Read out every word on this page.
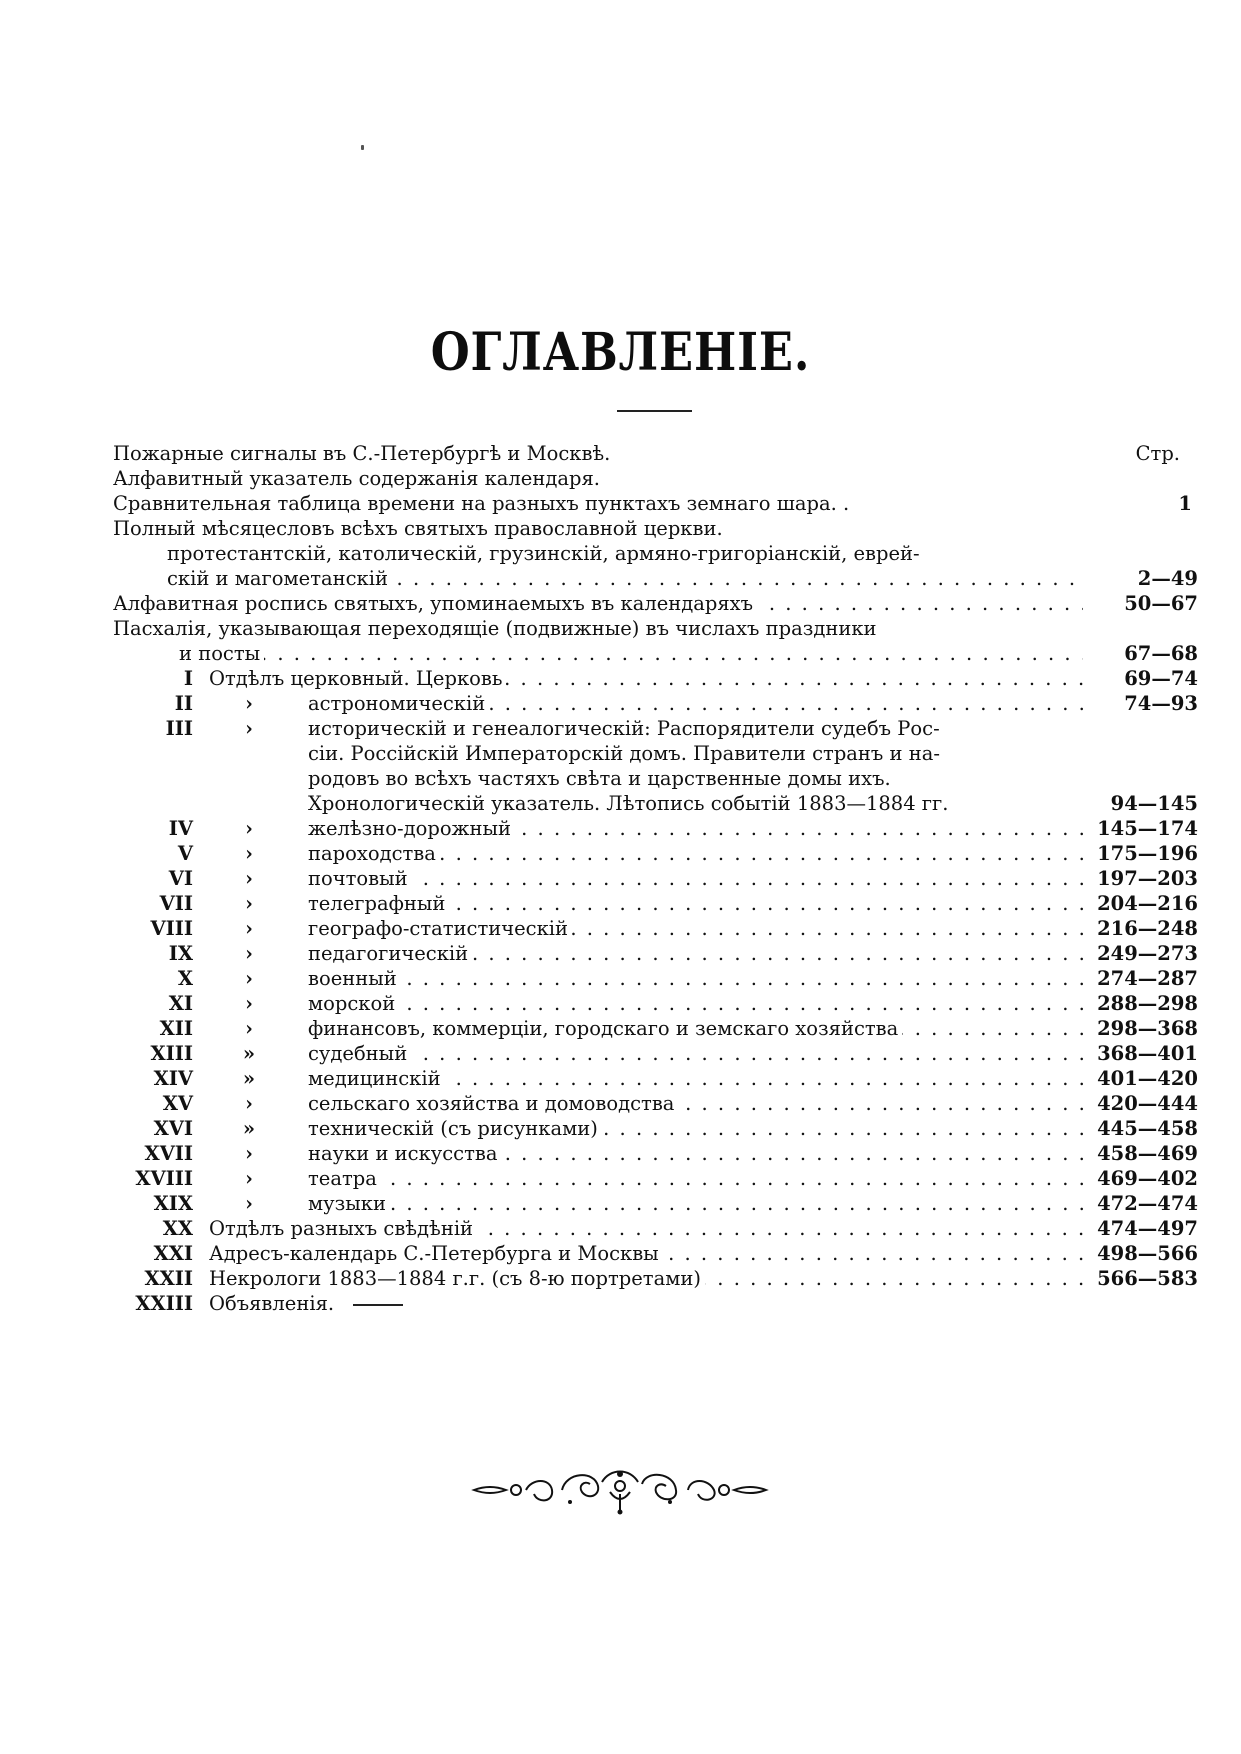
ОГЛАВЛЕНІЕ.
Пожарные сигналы въ С.-Петербургѣ и Москвѣ.	Стр.
Алфавитный указатель содержанія календаря.
Сравнительная таблица времени на разныхъ пунктахъ земнаго шара. .	1
Полный мѣсяцесловъ всѣхъ святыхъ православной церкви.
протестантскій, католическій, грузинскій, армяно-григоріанскій, еврей-
скій и магометанскій . . .	2—49
Алфавитная роспись святыхъ, упоминаемыхъ въ календаряхъ . . .	50—67
Пасхалія, указывающая переходящіе (подвижные) въ числахъ праздники
и посты . . .	67—68
I Отдѣлъ церковный. Церковь . . .	69—74
II	›	астрономическій . . .	74—93
III	›	историческій и генеалогическій: Распорядители судебъ Рос-
сіи. Россійскій Императорскій домъ. Правители странъ и на-
родовъ во всѣхъ частяхъ свѣта и царственные домы ихъ.
Хронологическій указатель. Лѣтопись событій 1883—1884 гг.	94—145
IV	›	желѣзно-дорожный . . .	145—174
V	›	пароходства . . .	175—196
VI	›	почтовый . . .	197—203
VII	›	телеграфный . . .	204—216
VIII	›	географо-статистическій . . .	216—248
IX	›	педагогическій . . .	249—273
X	›	военный . . .	274—287
XI	›	морской . . .	288—298
XII	›	финансовъ, коммерціи, городскаго и земскаго хозяйства . . .	298—368
XIII	»	судебный . . .	368—401
XIV	»	медицинскій . . .	401—420
XV	›	сельскаго хозяйства и домоводства . . .	420—444
XVI	»	техническій (съ рисунками) . . .	445—458
XVII	›	науки и искусства . . .	458—469
XVIII	›	театра . . .	469—402
XIX	›	музыки . . .	472—474
XX Отдѣлъ разныхъ свѣдѣній . . .	474—497
XXI Адресъ-календарь С.-Петербурга и Москвы . . .	498—566
XXII Некрологи 1883—1884 г.г. (съ 8-ю портретами) . . .	566—583
XXIII Объявленія.
